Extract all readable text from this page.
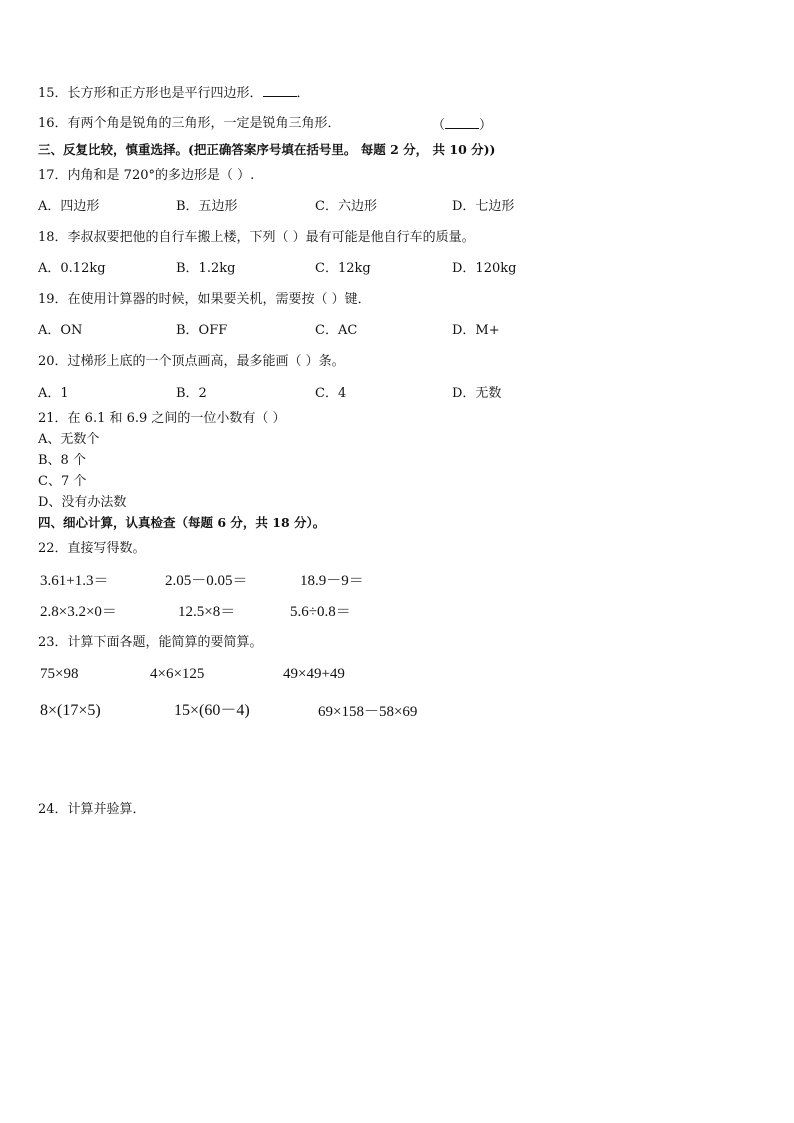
15．长方形和正方形也是平行四边形．	．
16．有两个角是锐角的三角形，一定是锐角三角形．	（	）
三、反复比较，慎重选择。(把正确答案序号填在括号里。 每题 2 分， 共 10 分))
17．内角和是 720°的多边形是（ ）.
A．四边形	B．五边形	C．六边形	D．七边形
18．李叔叔要把他的自行车搬上楼，下列（ ）最有可能是他自行车的质量。
A．0.12kg	B．1.2kg	C．12kg	D．120kg
19．在使用计算器的时候，如果要关机，需要按（ ）键．
A．ON	B．OFF	C．AC	D．M+
20．过梯形上底的一个顶点画高，最多能画（ ）条。
A．1	B．2	C．4	D．无数
21．在 6.1 和 6.9 之间的一位小数有（ ）
A、无数个
B、8 个
C、7 个
D、没有办法数
四、细心计算，认真检查（每题 6 分，共 18 分）。
22．直接写得数。
3.61+1.3＝	2.05－0.05＝	18.9－9＝
2.8×3.2×0＝	12.5×8＝	5.6÷0.8＝
23．计算下面各题，能简算的要简算。
75×98	4×6×125	49×49+49
8×(17×5)	15×(60－4)	69×158－58×69
24．计算并验算．
